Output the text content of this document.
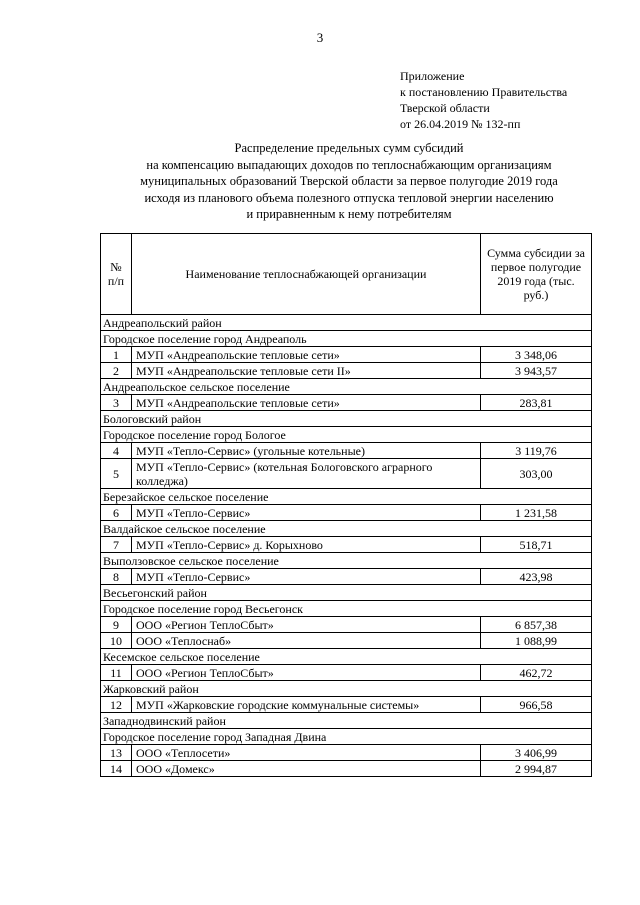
3
Приложение
к постановлению Правительства
Тверской области
от 26.04.2019 № 132-пп
Распределение предельных сумм субсидий
на компенсацию выпадающих доходов по теплоснабжающим организациям
муниципальных образований Тверской области за первое полугодие 2019 года
исходя из планового объема полезного отпуска тепловой энергии населению
и приравненным к нему потребителям
№ п/п	Наименование теплоснабжающей организации	Сумма субсидии за первое полугодие 2019 года (тыс. руб.)
Андреапольский район		
Городское поселение город Андреаполь		
1	МУП «Андреапольские тепловые сети»	3 348,06
2	МУП «Андреапольские тепловые сети II»	3 943,57
Андреапольское сельское поселение		
3	МУП «Андреапольские тепловые сети»	283,81
Бологовский район		
Городское поселение город Бологое		
4	МУП «Тепло-Сервис» (угольные котельные)	3 119,76
5	МУП «Тепло-Сервис» (котельная Бологовского аграрного колледжа)	303,00
Березайское сельское поселение		
6	МУП «Тепло-Сервис»	1 231,58
Валдайское сельское поселение		
7	МУП «Тепло-Сервис» д. Корыхново	518,71
Выползовское сельское поселение		
8	МУП «Тепло-Сервис»	423,98
Весьегонский район		
Городское поселение город Весьегонск		
9	ООО «Регион ТеплоСбыт»	6 857,38
10	ООО «Теплоснаб»	1 088,99
Кесемское сельское поселение		
11	ООО «Регион ТеплоСбыт»	462,72
Жарковский район		
12	МУП «Жарковские городские коммунальные системы»	966,58
Западнодвинский район		
Городское поселение город Западная Двина		
13	ООО «Теплосети»	3 406,99
14	ООО «Домекс»	2 994,87
